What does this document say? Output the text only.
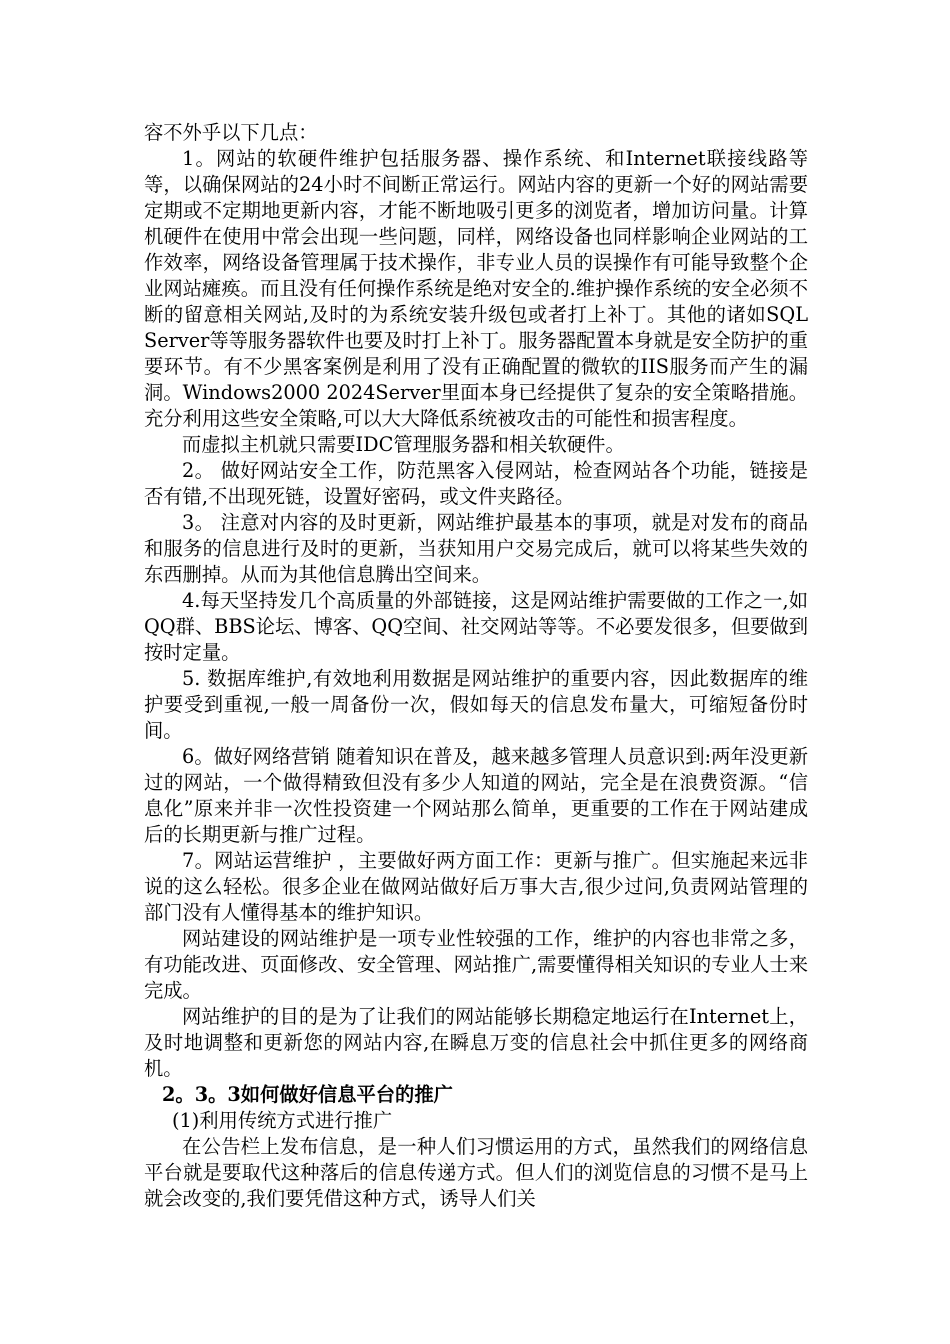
容不外乎以下几点：

1。网站的软硬件维护包括服务器、操作系统、和Internet联接线路等等，以确保网站的24小时不间断正常运行。网站内容的更新一个好的网站需要定期或不定期地更新内容，才能不断地吸引更多的浏览者，增加访问量。计算机硬件在使用中常会出现一些问题，同样，网络设备也同样影响企业网站的工作效率，网络设备管理属于技术操作，非专业人员的误操作有可能导致整个企业网站瘫痪。而且没有任何操作系统是绝对安全的.维护操作系统的安全必须不断的留意相关网站,及时的为系统安装升级包或者打上补丁。其他的诸如SQL Server等等服务器软件也要及时打上补丁。服务器配置本身就是安全防护的重要环节。有不少黑客案例是利用了没有正确配置的微软的IIS服务而产生的漏洞。Windows2000 2024Server里面本身已经提供了复杂的安全策略措施。充分利用这些安全策略,可以大大降低系统被攻击的可能性和损害程度。

而虚拟主机就只需要IDC管理服务器和相关软硬件。

2。 做好网站安全工作，防范黑客入侵网站，检查网站各个功能，链接是否有错,不出现死链，设置好密码，或文件夹路径。

3。 注意对内容的及时更新，网站维护最基本的事项，就是对发布的商品和服务的信息进行及时的更新，当获知用户交易完成后，就可以将某些失效的东西删掉。从而为其他信息腾出空间来。

4.每天坚持发几个高质量的外部链接，这是网站维护需要做的工作之一,如QQ群、BBS论坛、博客、QQ空间、社交网站等等。不必要发很多，但要做到按时定量。

5. 数据库维护,有效地利用数据是网站维护的重要内容，因此数据库的维护要受到重视,一般一周备份一次，假如每天的信息发布量大，可缩短备份时间。

6。做好网络营销 随着知识在普及，越来越多管理人员意识到:两年没更新过的网站，一个做得精致但没有多少人知道的网站，完全是在浪费资源。“信息化”原来并非一次性投资建一个网站那么简单，更重要的工作在于网站建成后的长期更新与推广过程。

7。网站运营维护 ，主要做好两方面工作：更新与推广。但实施起来远非说的这么轻松。很多企业在做网站做好后万事大吉,很少过问,负责网站管理的部门没有人懂得基本的维护知识。

网站建设的网站维护是一项专业性较强的工作，维护的内容也非常之多，有功能改进、页面修改、安全管理、网站推广,需要懂得相关知识的专业人士来完成。

网站维护的目的是为了让我们的网站能够长期稳定地运行在Internet上，及时地调整和更新您的网站内容,在瞬息万变的信息社会中抓住更多的网络商机。

2。3。3如何做好信息平台的推广

(1)利用传统方式进行推广

在公告栏上发布信息，是一种人们习惯运用的方式，虽然我们的网络信息平台就是要取代这种落后的信息传递方式。但人们的浏览信息的习惯不是马上就会改变的,我们要凭借这种方式，诱导人们关
